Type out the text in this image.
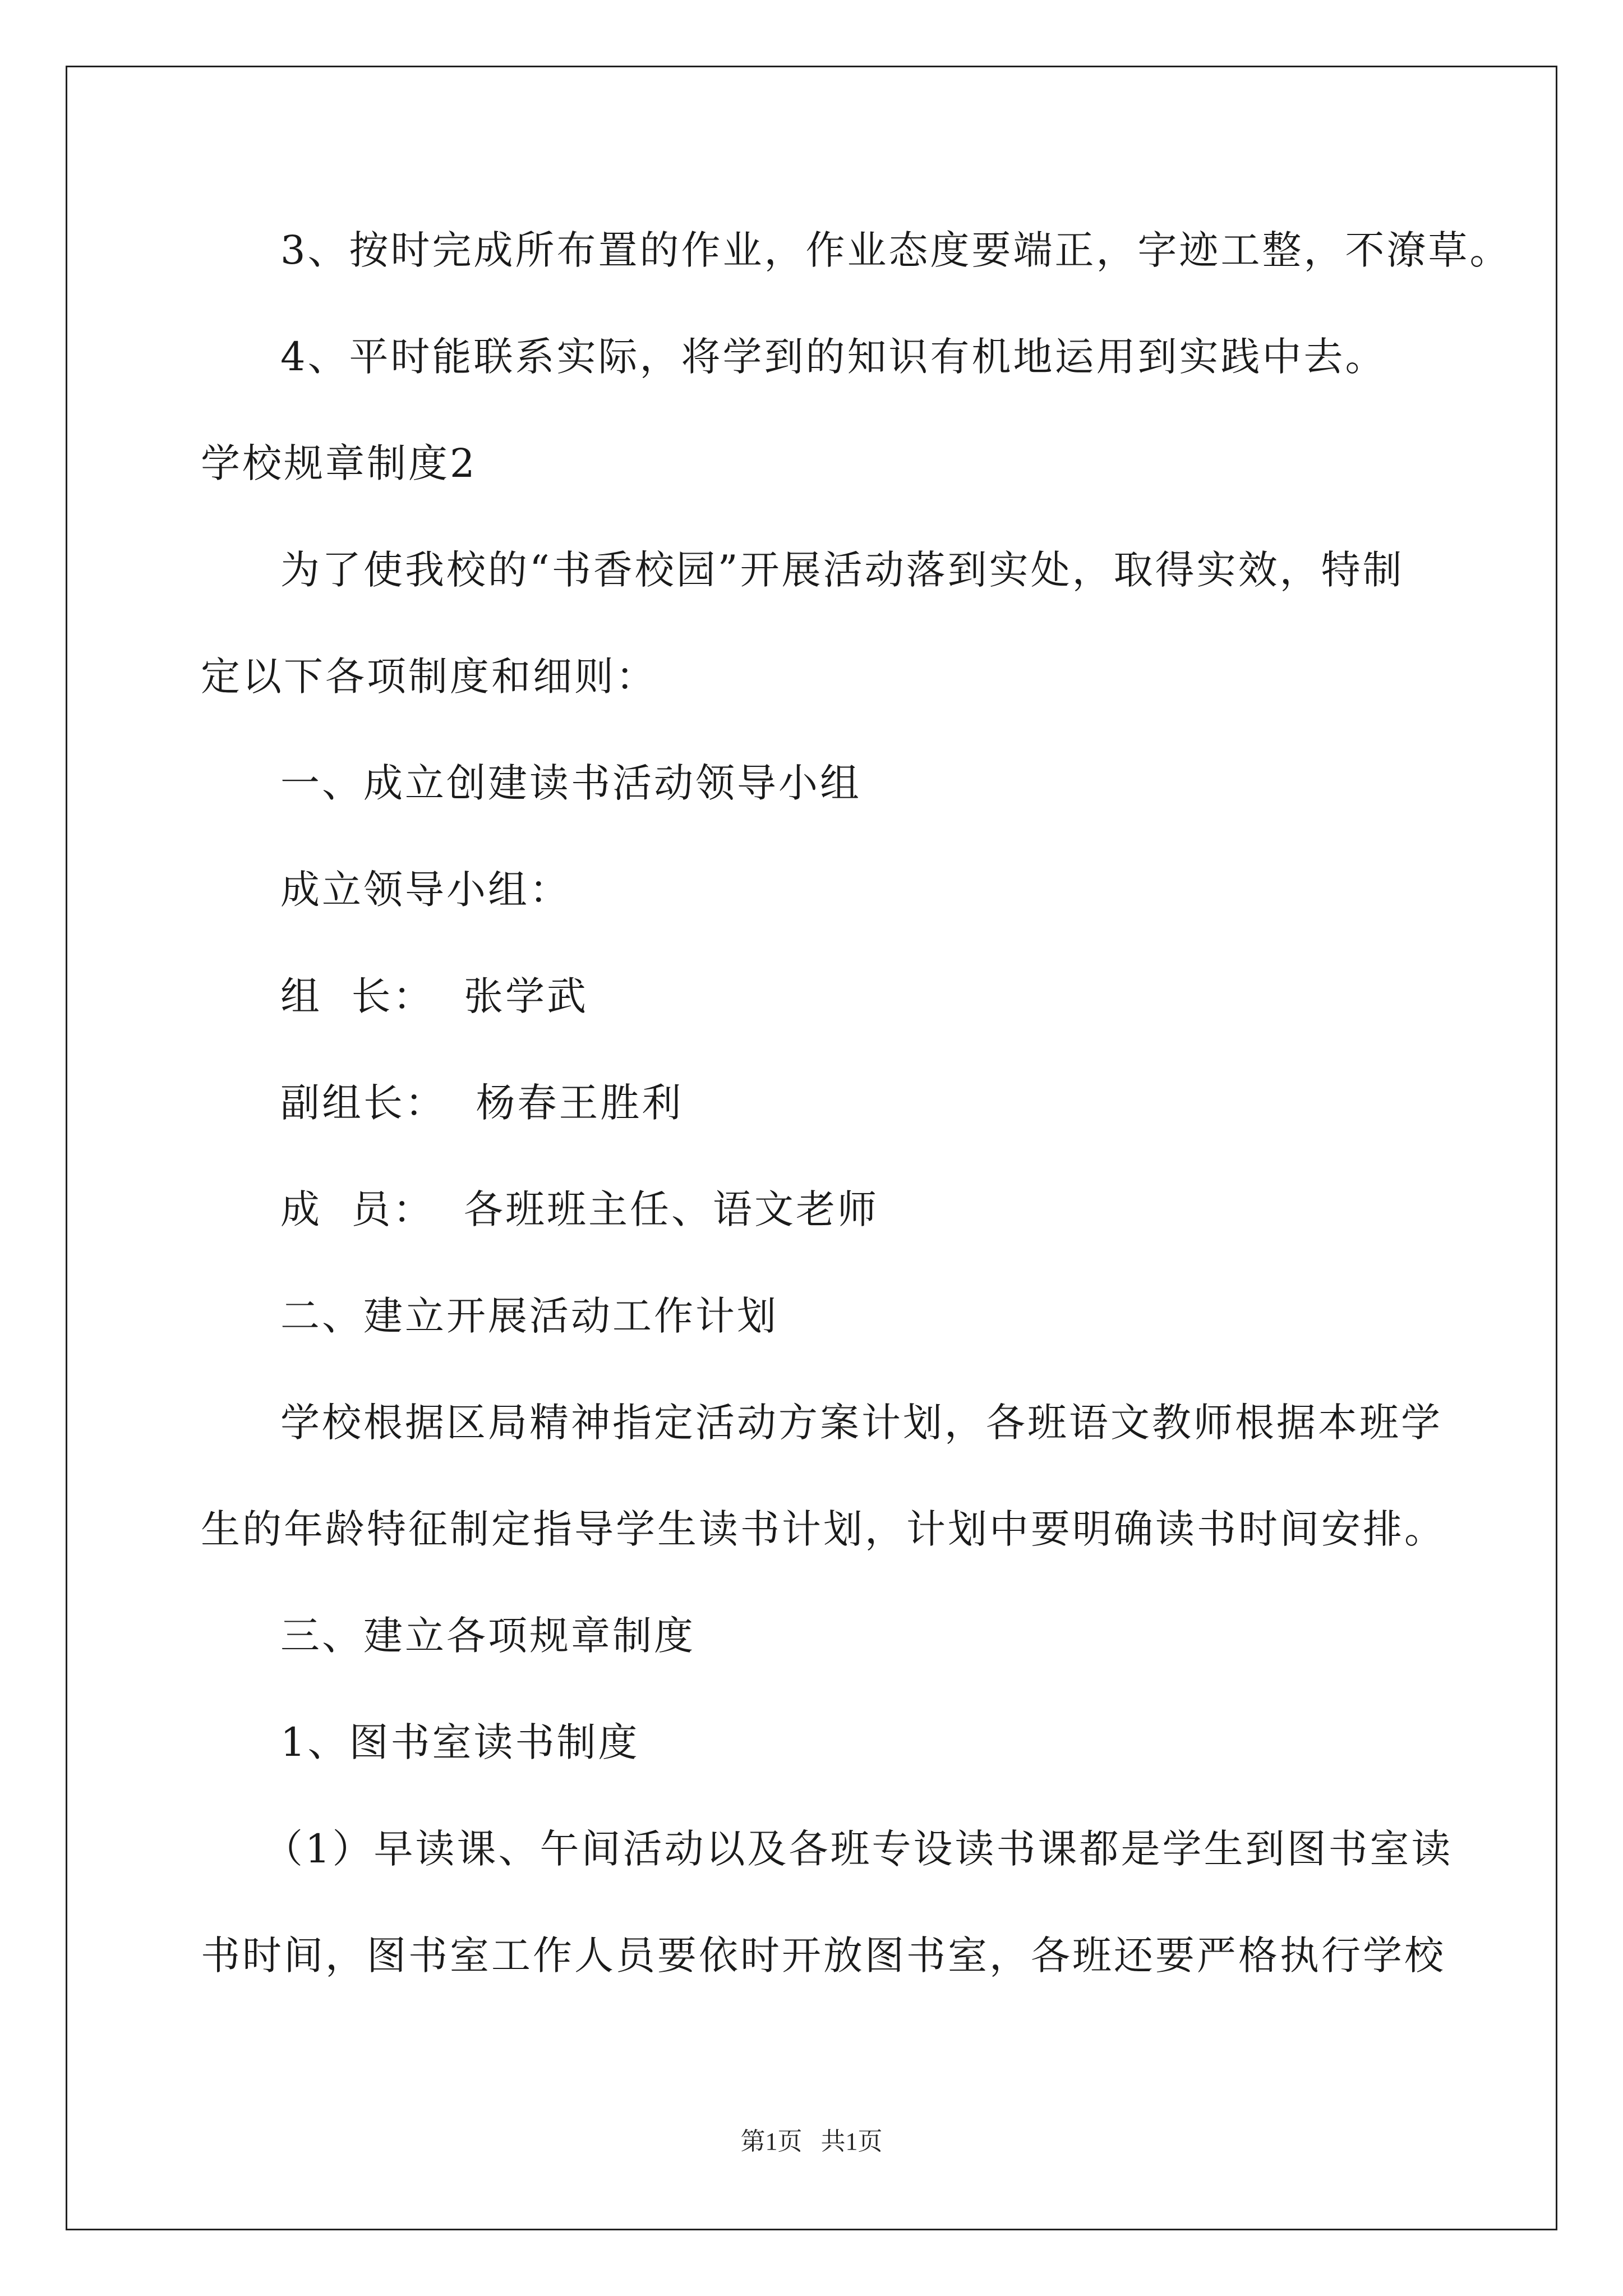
3、按时完成所布置的作业，作业态度要端正，字迹工整，不潦草。
4、平时能联系实际，将学到的知识有机地运用到实践中去。
学校规章制度2
为了使我校的“书香校园”开展活动落到实处，取得实效，特制
定以下各项制度和细则：
一、成立创建读书活动领导小组
成立领导小组：
组  长：  张学武
副组长：  杨春王胜利
成  员：  各班班主任、语文老师
二、建立开展活动工作计划
学校根据区局精神指定活动方案计划，各班语文教师根据本班学
生的年龄特征制定指导学生读书计划，计划中要明确读书时间安排。
三、建立各项规章制度
1、图书室读书制度
（1）早读课、午间活动以及各班专设读书课都是学生到图书室读
书时间，图书室工作人员要依时开放图书室，各班还要严格执行学校
第1页   共1页
